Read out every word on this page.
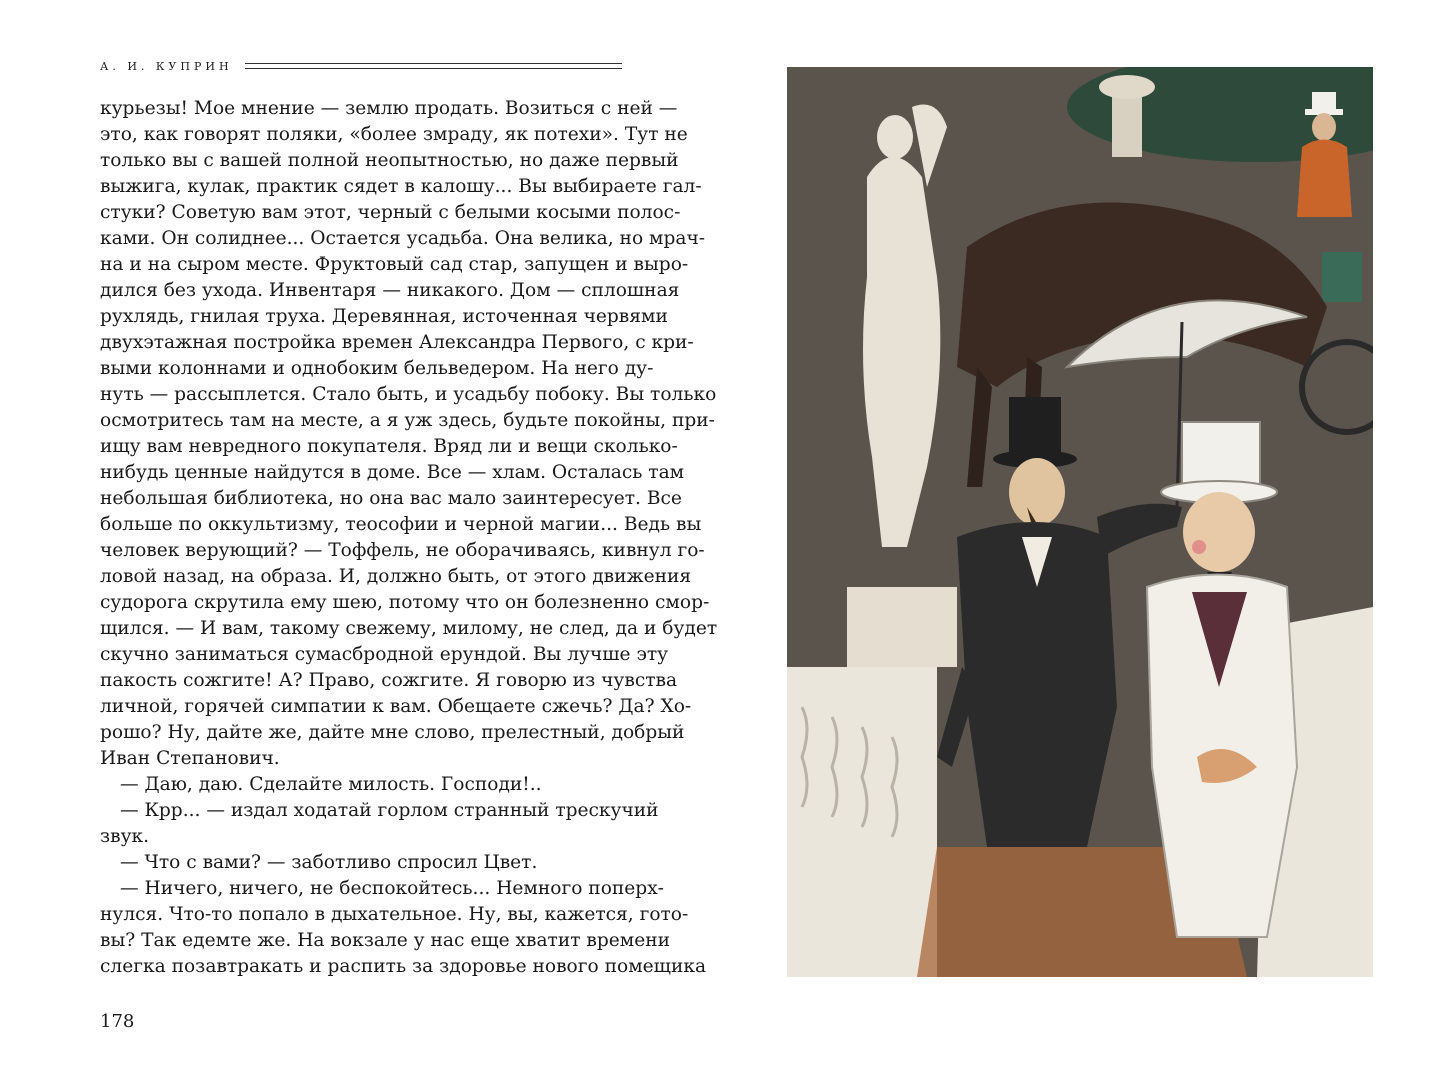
А. И. КУПРИН
курьезы! Мое мнение — землю продать. Возиться с ней —
это, как говорят поляки, «более змраду, як потехи». Тут не
только вы с вашей полной неопытностью, но даже первый
выжига, кулак, практик сядет в калошу... Вы выбираете гал-
стуки? Советую вам этот, черный с белыми косыми полос-
ками. Он солиднее... Остается усадьба. Она велика, но мрач-
на и на сыром месте. Фруктовый сад стар, запущен и выро-
дился без ухода. Инвентаря — никакого. Дом — сплошная
рухлядь, гнилая труха. Деревянная, источенная червями
двухэтажная постройка времен Александра Первого, с кри-
выми колоннами и однобоким бельведером. На него ду-
нуть — рассыплется. Стало быть, и усадьбу побоку. Вы только
осмотритесь там на месте, а я уж здесь, будьте покойны, при-
ищу вам невредного покупателя. Вряд ли и вещи сколько-
нибудь ценные найдутся в доме. Все — хлам. Осталась там
небольшая библиотека, но она вас мало заинтересует. Все
больше по оккультизму, теософии и черной магии... Ведь вы
человек верующий? — Тоффель, не оборачиваясь, кивнул го-
ловой назад, на образа. И, должно быть, от этого движения
судорога скрутила ему шею, потому что он болезненно смор-
щился. — И вам, такому свежему, милому, не след, да и будет
скучно заниматься сумасбродной ерундой. Вы лучше эту
пакость сожгите! А? Право, сожгите. Я говорю из чувства
личной, горячей симпатии к вам. Обещаете сжечь? Да? Хо-
рошо? Ну, дайте же, дайте мне слово, прелестный, добрый
Иван Степанович.
— Даю, даю. Сделайте милость. Господи!..
— Крр... — издал ходатай горлом странный трескучий
звук.
— Что с вами? — заботливо спросил Цвет.
— Ничего, ничего, не беспокойтесь... Немного поперх-
нулся. Что-то попало в дыхательное. Ну, вы, кажется, гото-
вы? Так едемте же. На вокзале у нас еще хватит времени
слегка позавтракать и распить за здоровье нового помещика
178
